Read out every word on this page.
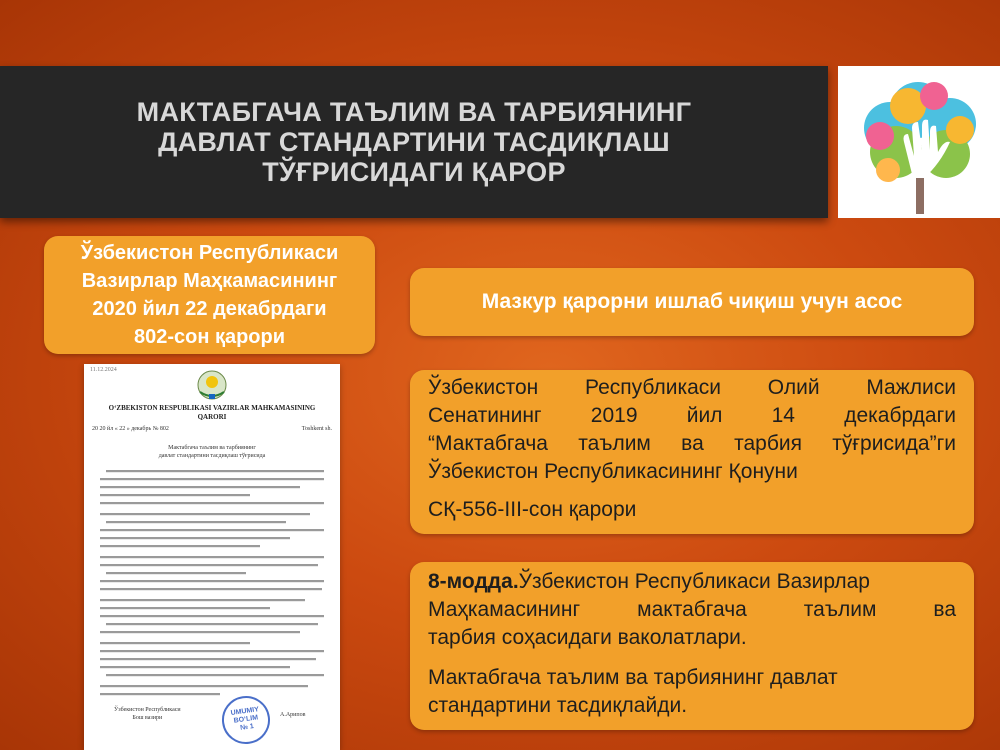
МАКТАБГАЧА ТАЪЛИМ ВА ТАРБИЯНИНГ
ДАВЛАТ СТАНДАРТИНИ ТАСДИҚЛАШ
ТЎҒРИСИДАГИ ҚАРОР
Ўзбекистон Республикаси
Вазирлар Маҳкамасининг
2020 йил 22 декабрдаги
802-сон қарори
Мазкур қарорни ишлаб чиқиш учун асос
Ўзбекистон Республикаси Олий Мажлиси
Сенатининг 2019 йил 14 декабрдаги
“Мактабгача таълим ва тарбия тўғрисида”ги
Ўзбекистон Республикасининг Қонуни
СҚ-556-III-сон қарори
8-модда.Ўзбекистон Республикаси Вазирлар
Маҳкамасининг мактабгача таълим ва
тарбия соҳасидаги ваколатлари.
Мактабгача таълим ва тарбиянинг давлат стандартини тасдиқлайди.
11.12.2024
O‘ZBEKISTON RESPUBLIKASI VAZIRLAR MAHKAMASINING
QARORI
20 20 йл « 22 » декабрь № 802	Toshkent sh.
Мактабгача таълим ва тарбиянинг
давлат стандартини тасдиқлаш тўғрисида
Ўзбекистон Республикаси
Бош вазири
UMUMIY
BO‘LIM
№ 1
А.Арипов
